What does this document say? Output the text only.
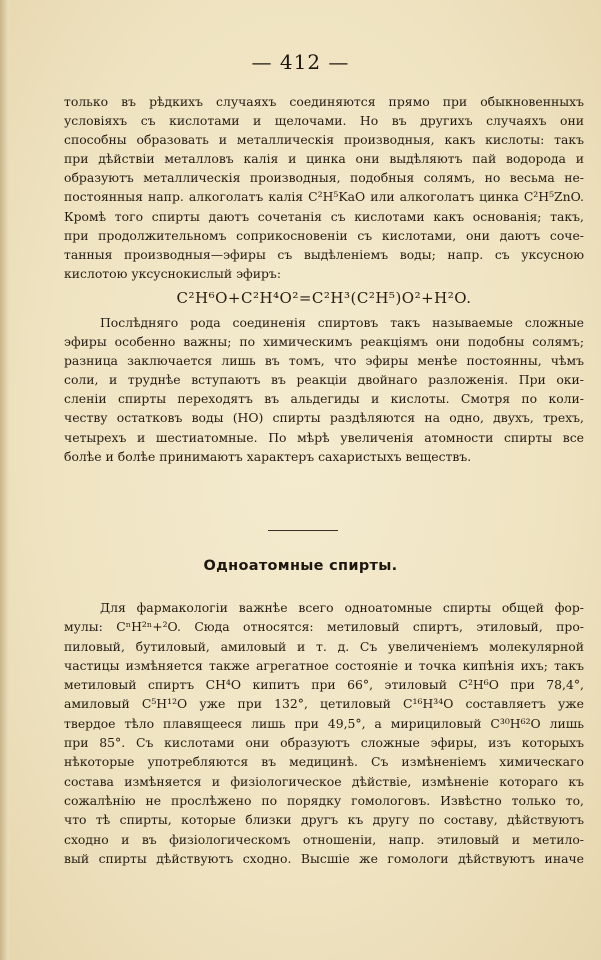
— 412 —
только въ рѣдкихъ случаяхъ соединяются прямо при обыкновенныхъ
условіяхъ съ кислотами и щелочами. Но въ другихъ случаяхъ они
способны образовать и металлическія производныя, какъ кислоты: такъ
при дѣйствіи металловъ калія и цинка они выдѣляютъ пай водорода и
образуютъ металлическія производныя, подобныя солямъ, но весьма не-
постоянныя напр. алкоголатъ калія C²H⁵KaO или алкоголатъ цинка C²H⁵ZnO.
Кромѣ того спирты даютъ сочетанія съ кислотами какъ основанія; такъ,
при продолжительномъ соприкосновеніи съ кислотами, они даютъ соче-
танныя производныя—эфиры съ выдѣленіемъ воды; напр. съ уксусною
кислотою уксуснокислый эфиръ:
C²H⁶O+C²H⁴O²=C²H³(C²H⁵)O²+H²O.
Послѣдняго рода соединенія спиртовъ такъ называемые сложные
эфиры особенно важны; по химическимъ реакціямъ они подобны солямъ;
разница заключается лишь въ томъ, что эфиры менѣе постоянны, чѣмъ
соли, и труднѣе вступаютъ въ реакціи двойнаго разложенія. При оки-
сленіи спирты переходятъ въ альдегиды и кислоты. Смотря по коли-
честву остатковъ воды (HO) спирты раздѣляются на одно, двухъ, трехъ,
четырехъ и шестиатомные. По мѣрѣ увеличенія атомности спирты все
болѣе и болѣе принимаютъ характеръ сахаристыхъ веществъ.
Одноатомные спирты.
Для фармакологіи важнѣе всего одноатомные спирты общей фор-
мулы: CⁿH²ⁿ+²O. Сюда относятся: метиловый спиртъ, этиловый, про-
пиловый, бутиловый, амиловый и т. д. Съ увеличеніемъ молекулярной
частицы измѣняется также агрегатное состояніе и точка кипѣнія ихъ; такъ
метиловый спиртъ CH⁴O кипитъ при 66°, этиловый C²H⁶O при 78,4°,
амиловый C⁵H¹²O уже при 132°, цетиловый C¹⁶H³⁴O составляетъ уже
твердое тѣло плавящееся лишь при 49,5°, а мирициловый C³⁰H⁶²O лишь
при 85°. Съ кислотами они образуютъ сложные эфиры, изъ которыхъ
нѣкоторые употребляются въ медицинѣ. Съ измѣненіемъ химическаго
состава измѣняется и физіологическое дѣйствіе, измѣненіе котораго къ
сожалѣнію не прослѣжено по порядку гомологовъ. Извѣстно только то,
что тѣ спирты, которые близки другъ къ другу по составу, дѣйствуютъ
сходно и въ физіологическомъ отношеніи, напр. этиловый и метило-
вый спирты дѣйствуютъ сходно. Высшіе же гомологи дѣйствуютъ иначе
